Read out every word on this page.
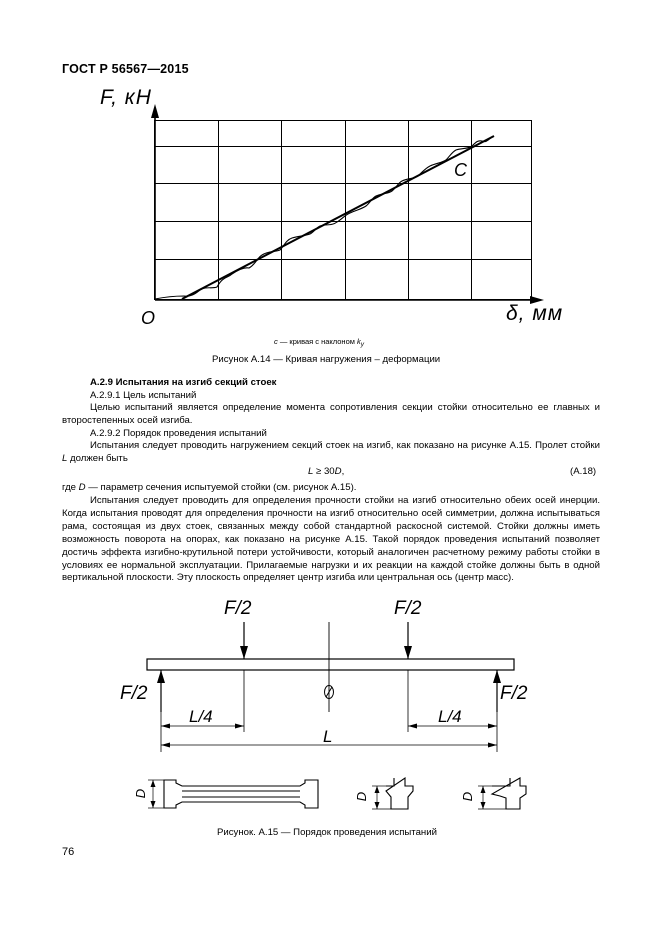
ГОСТ Р 56567—2015
F, кН
δ, мм
O
C
c — кривая с наклоном kу
Рисунок А.14 — Кривая нагружения – деформации
А.2.9 Испытания на изгиб секций стоек
А.2.9.1 Цель испытаний
Целью испытаний является определение момента сопротивления секции стойки относительно ее главных и второстепенных осей изгиба.
А.2.9.2 Порядок проведения испытаний
Испытания следует проводить нагружением секций стоек на изгиб, как показано на рисунке А.15. Пролет стойки L должен быть
L ≥ 30D,	(А.18)
где D — параметр сечения испытуемой стойки (см. рисунок А.15).
Испытания следует проводить для определения прочности стойки на изгиб относительно обеих осей инерции. Когда испытания проводят для определения прочности на изгиб относительно осей симметрии, должна испытываться рама, состоящая из двух стоек, связанных между собой стандартной раскосной системой. Стойки должны иметь возможность поворота на опорах, как показано на рисунке А.15. Такой порядок проведения испытаний позволяет достичь эффекта изгибно-крутильной потери устойчивости, который аналогичен расчетному режиму работы стойки в условиях ее нормальной эксплуатации. Прилагаемые нагрузки и их реакции на каждой стойке должны быть в одной вертикальной плоскости. Эту плоскость определяет центр изгиба или центральная ось (центр масс).
F/2	F/2
F/2	F/2
L/4	L/4
L
D	D	D
Рисунок. А.15 — Порядок проведения испытаний
76
